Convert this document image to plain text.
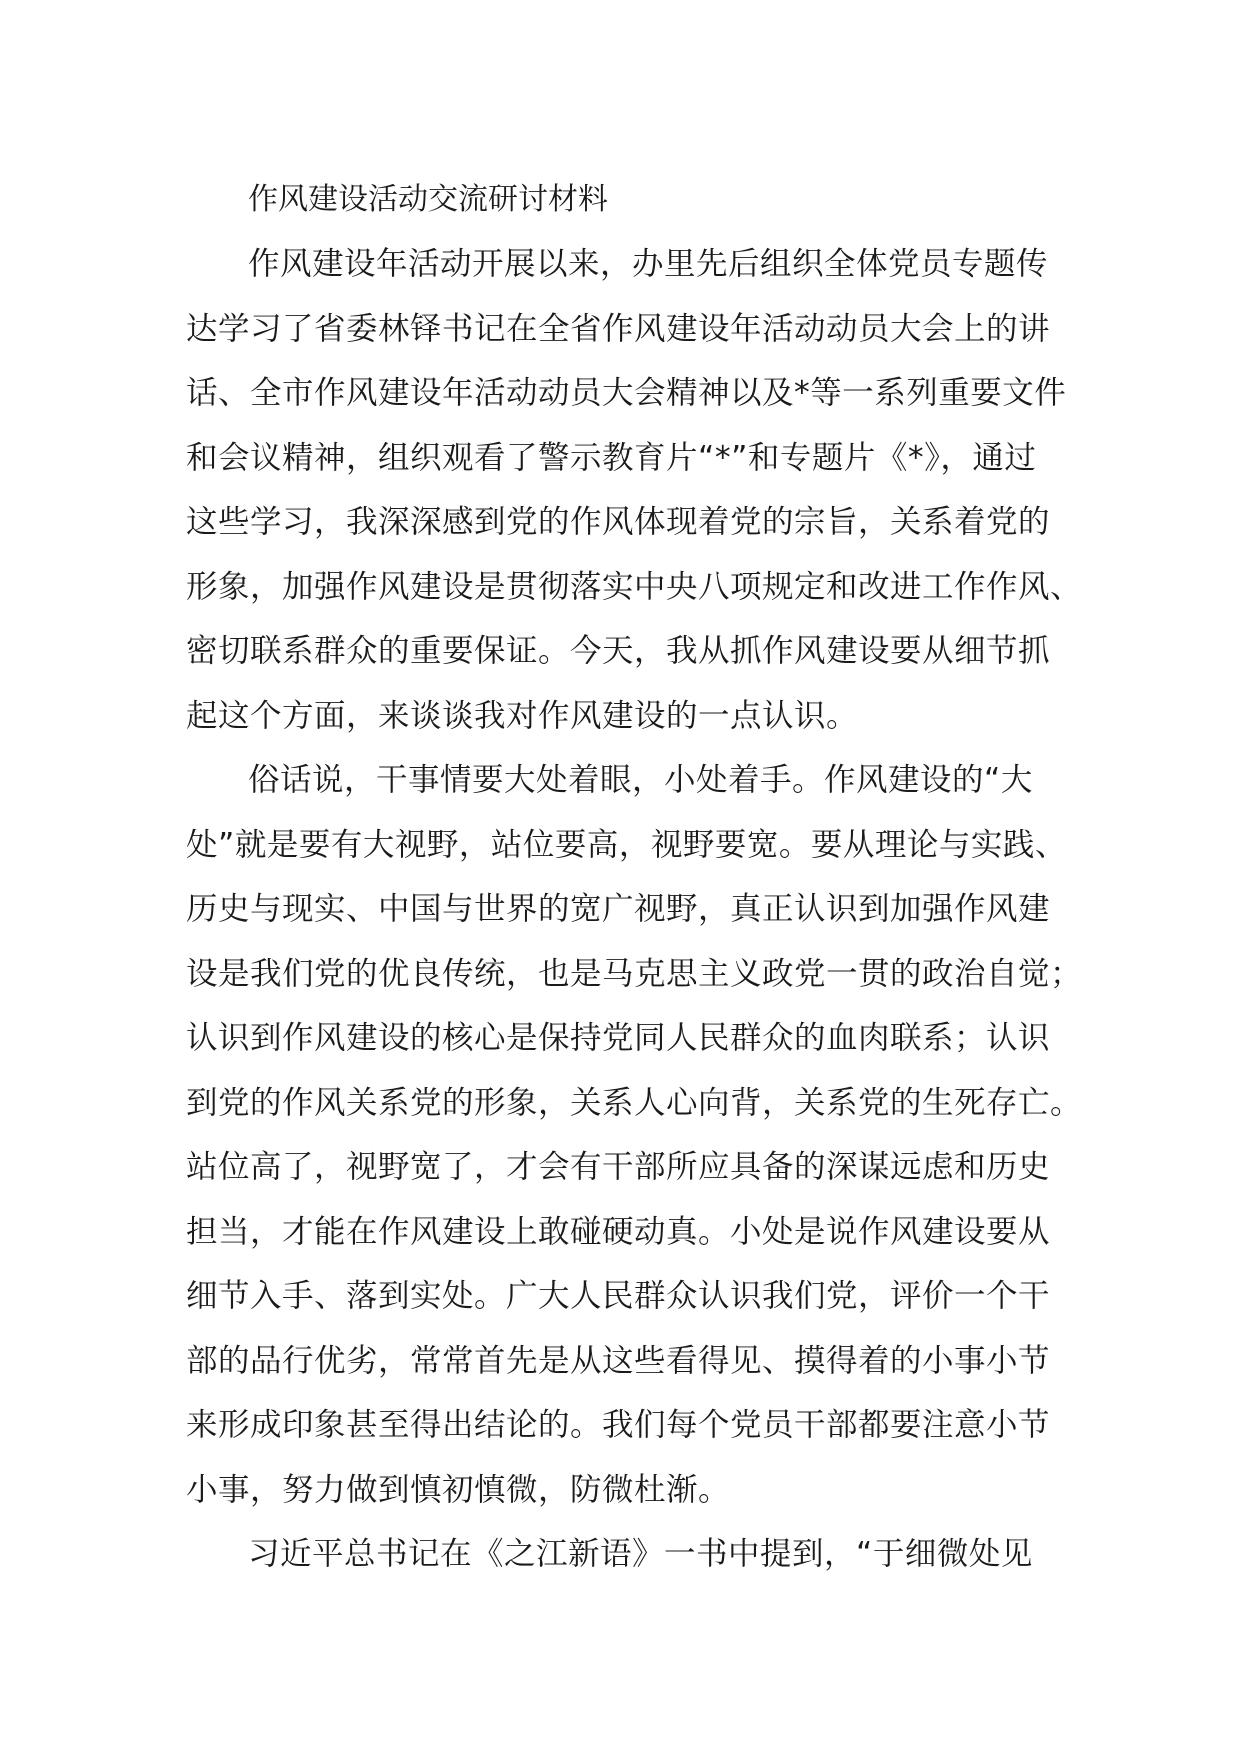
作风建设活动交流研讨材料
作风建设年活动开展以来，办里先后组织全体党员专题传
达学习了省委林铎书记在全省作风建设年活动动员大会上的讲
话、全市作风建设年活动动员大会精神以及*等一系列重要文件
和会议精神，组织观看了警示教育片“*”和专题片《*》，通过
这些学习，我深深感到党的作风体现着党的宗旨，关系着党的
形象，加强作风建设是贯彻落实中央八项规定和改进工作作风、
密切联系群众的重要保证。今天，我从抓作风建设要从细节抓
起这个方面，来谈谈我对作风建设的一点认识。
俗话说，干事情要大处着眼，小处着手。作风建设的“大
处”就是要有大视野，站位要高，视野要宽。要从理论与实践、
历史与现实、中国与世界的宽广视野，真正认识到加强作风建
设是我们党的优良传统，也是马克思主义政党一贯的政治自觉；
认识到作风建设的核心是保持党同人民群众的血肉联系；认识
到党的作风关系党的形象，关系人心向背，关系党的生死存亡。
站位高了，视野宽了，才会有干部所应具备的深谋远虑和历史
担当，才能在作风建设上敢碰硬动真。小处是说作风建设要从
细节入手、落到实处。广大人民群众认识我们党，评价一个干
部的品行优劣，常常首先是从这些看得见、摸得着的小事小节
来形成印象甚至得出结论的。我们每个党员干部都要注意小节
小事，努力做到慎初慎微，防微杜渐。
习近平总书记在《之江新语》一书中提到，“于细微处见
